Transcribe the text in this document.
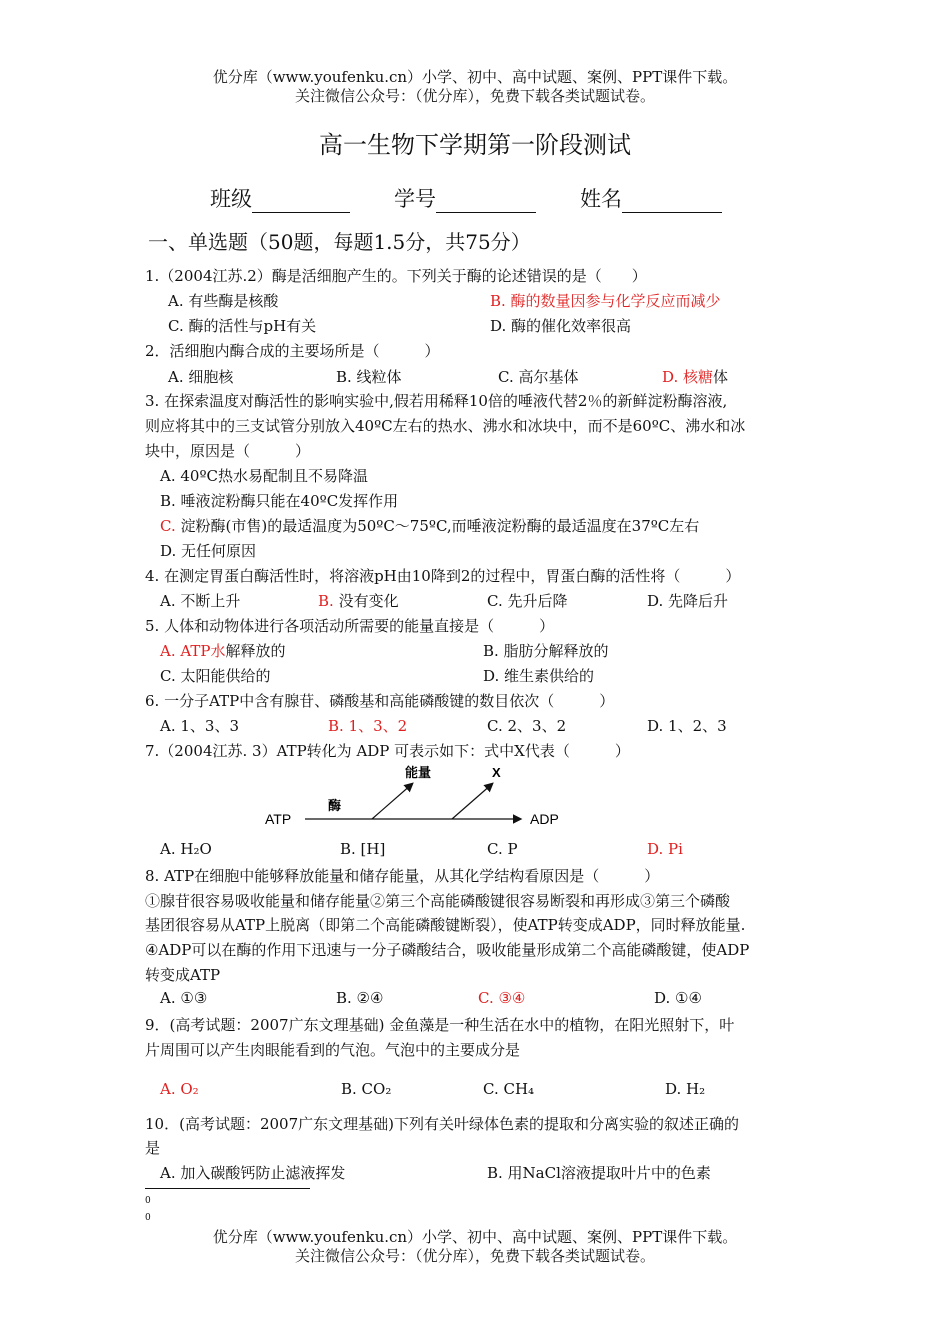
优分库（www.youfenku.cn）小学、初中、高中试题、案例、PPT课件下载。
关注微信公众号：（优分库），免费下载各类试题试卷。
高一生物下学期第一阶段测试
班级	学号	姓名
一、单选题（50题，每题1.5分，共75分）
1.（2004江苏.2）酶是活细胞产生的。下列关于酶的论述错误的是（　　）
A. 有些酶是核酸	B. 酶的数量因参与化学反应而减少
C. 酶的活性与pH有关	D. 酶的催化效率很高
2．活细胞内酶合成的主要场所是（　　　）
A. 细胞核	B. 线粒体	C. 高尔基体	D. 核糖体
3. 在探索温度对酶活性的影响实验中,假若用稀释10倍的唾液代替2％的新鲜淀粉酶溶液,
则应将其中的三支试管分别放入40ºC左右的热水、沸水和冰块中，而不是60ºC、沸水和冰
块中，原因是（　　　）
A. 40ºC热水易配制且不易降温
B. 唾液淀粉酶只能在40ºC发挥作用
C. 淀粉酶(市售)的最适温度为50ºC～75ºC,而唾液淀粉酶的最适温度在37ºC左右
D. 无任何原因
4. 在测定胃蛋白酶活性时，将溶液pH由10降到2的过程中，胃蛋白酶的活性将（　　　）
A. 不断上升	B. 没有变化	C. 先升后降	D. 先降后升
5. 人体和动物体进行各项活动所需要的能量直接是（　　　）
A. ATP水解释放的	B. 脂肪分解释放的
C. 太阳能供给的	D. 维生素供给的
6. 一分子ATP中含有腺苷、磷酸基和高能磷酸键的数目依次（　　　）
A. 1、3、3	B. 1、3、2	C. 2、3、2	D. 1、2、3
7.（2004江苏. 3）ATP转化为 ADP 可表示如下：式中X代表（　　　）
ATP	ADP
酶
能量	X
A. H₂O	B. [H]	C. P	D. Pi
8. ATP在细胞中能够释放能量和储存能量，从其化学结构看原因是（　　　）
①腺苷很容易吸收能量和储存能量②第三个高能磷酸键很容易断裂和再形成③第三个磷酸
基团很容易从ATP上脱离（即第二个高能磷酸键断裂），使ATP转变成ADP，同时释放能量.
④ADP可以在酶的作用下迅速与一分子磷酸结合，吸收能量形成第二个高能磷酸键，使ADP
转变成ATP
A. ①③	B. ②④	C. ③④	D. ①④
9．(高考试题：2007广东文理基础) 金鱼藻是一种生活在水中的植物，在阳光照射下，叶
片周围可以产生肉眼能看到的气泡。气泡中的主要成分是
A. O₂	B. CO₂	C. CH₄	D. H₂
10．(高考试题：2007广东文理基础)下列有关叶绿体色素的提取和分离实验的叙述正确的
是
A. 加入碳酸钙防止滤液挥发	B. 用NaCl溶液提取叶片中的色素
0
0
优分库（www.youfenku.cn）小学、初中、高中试题、案例、PPT课件下载。
关注微信公众号：（优分库），免费下载各类试题试卷。
